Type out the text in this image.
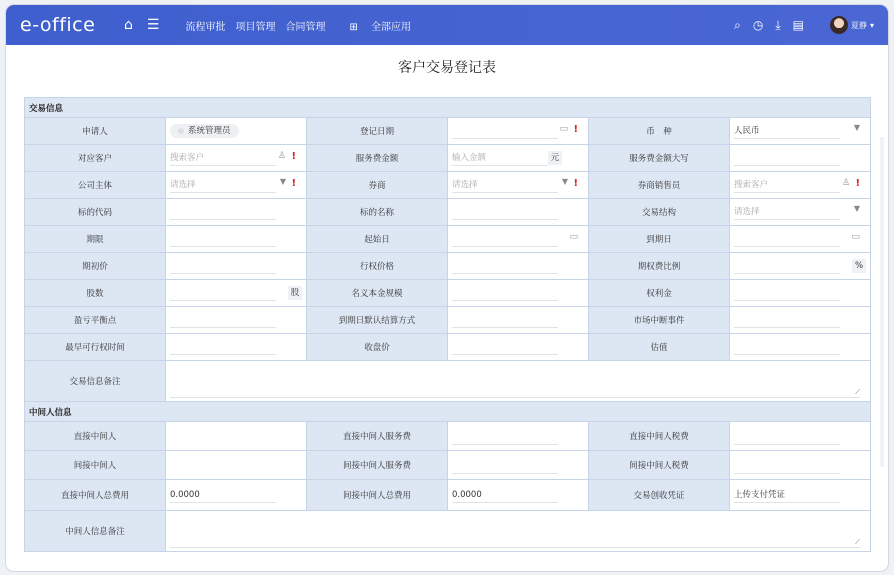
e-office	⌂ ☰	流程审批 项目管理 合同管理 ⊞ 全部应用	⌕ ◷ ⤓ ▤	夏静 ▾
客户交易登记表
交易信息					
申请人	系统管理员	登记日期	▭ !	币　种	人民币 ▼

对应客户	搜索客户 ♙ !	服务费金额	输入金额 元	服务费金额大写	

公司主体	请选择 ▼ !	券商	请选择 ▼ !	券商销售员	搜索客户 ♙ !

标的代码		标的名称		交易结构	请选择 ▼

期限		起始日	▭	到期日	▭

期初价		行权价格		期权费比例	%

股数	股	名义本金规模		权利金	

盈亏平衡点		到期日默认结算方式		市场中断事件	

最早可行权时间		收盘价		估值	

交易信息备注	
⟋

中间人信息					
直接中间人		直接中间人服务费		直接中间人税费	

间接中间人		间接中间人服务费		间接中间人税费	

直接中间人总费用	0.0000	间接中间人总费用	0.0000	交易创收凭证	上传支付凭证

中间人信息备注	
⟋
